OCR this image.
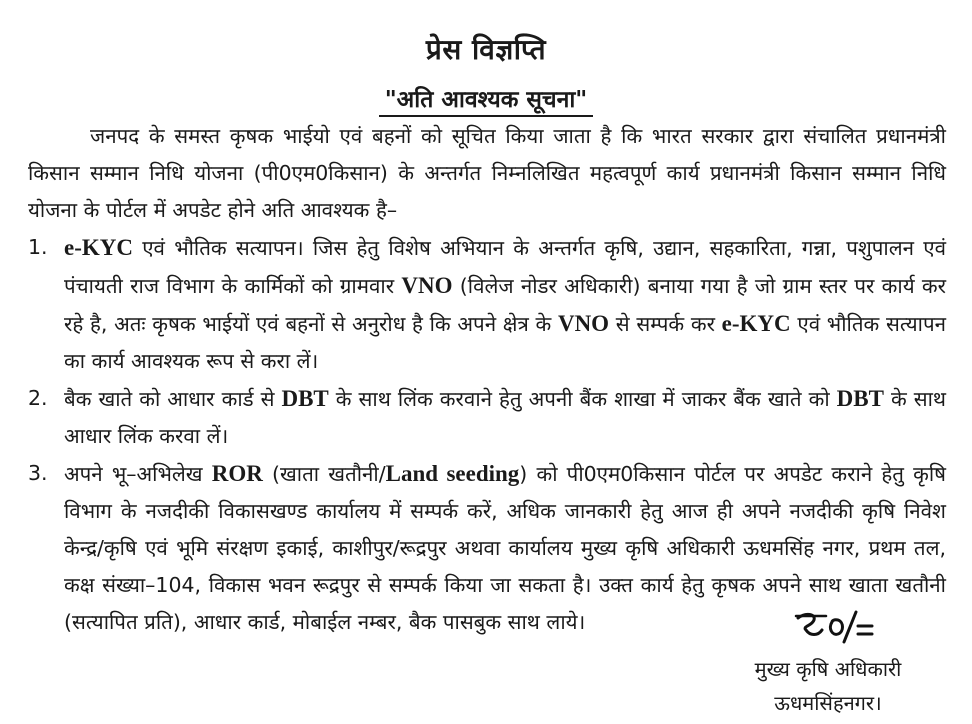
प्रेस विज्ञप्ति
"अति आवश्यक सूचना"

जनपद के समस्त कृषक भाईयो एवं बहनों को सूचित किया जाता है कि भारत सरकार द्वारा संचालित प्रधानमंत्री किसान सम्मान निधि योजना (पी0एम0किसान) के अन्तर्गत निम्नलिखित महत्वपूर्ण कार्य प्रधानमंत्री किसान सम्मान निधि योजना के पोर्टल में अपडेट होने अति आवश्यक है–

1. e-KYC एवं भौतिक सत्यापन। जिस हेतु विशेष अभियान के अन्तर्गत कृषि, उद्यान, सहकारिता, गन्ना, पशुपालन एवं पंचायती राज विभाग के कार्मिकों को ग्रामवार VNO (विलेज नोडर अधिकारी) बनाया गया है जो ग्राम स्तर पर कार्य कर रहे है, अतः कृषक भाईयों एवं बहनों से अनुरोध है कि अपने क्षेत्र के VNO से सम्पर्क कर e-KYC एवं भौतिक सत्यापन का कार्य आवश्यक रूप से करा लें।
2. बैक खाते को आधार कार्ड से DBT के साथ लिंक करवाने हेतु अपनी बैंक शाखा में जाकर बैंक खाते को DBT के साथ आधार लिंक करवा लें।
3. अपने भू–अभिलेख ROR (खाता खतौनी/Land seeding) को पी0एम0किसान पोर्टल पर अपडेट कराने हेतु कृषि विभाग के नजदीकी विकासखण्ड कार्यालय में सम्पर्क करें, अधिक जानकारी हेतु आज ही अपने नजदीकी कृषि निवेश केन्द्र/कृषि एवं भूमि संरक्षण इकाई, काशीपुर/रूद्रपुर अथवा कार्यालय मुख्य कृषि अधिकारी ऊधमसिंह नगर, प्रथम तल, कक्ष संख्या–104, विकास भवन रूद्रपुर से सम्पर्क किया जा सकता है। उक्त कार्य हेतु कृषक अपने साथ खाता खतौनी (सत्यापित प्रति), आधार कार्ड, मोबाईल नम्बर, बैक पासबुक साथ लाये।
मुख्य कृषि अधिकारी
ऊधमसिंहनगर।
